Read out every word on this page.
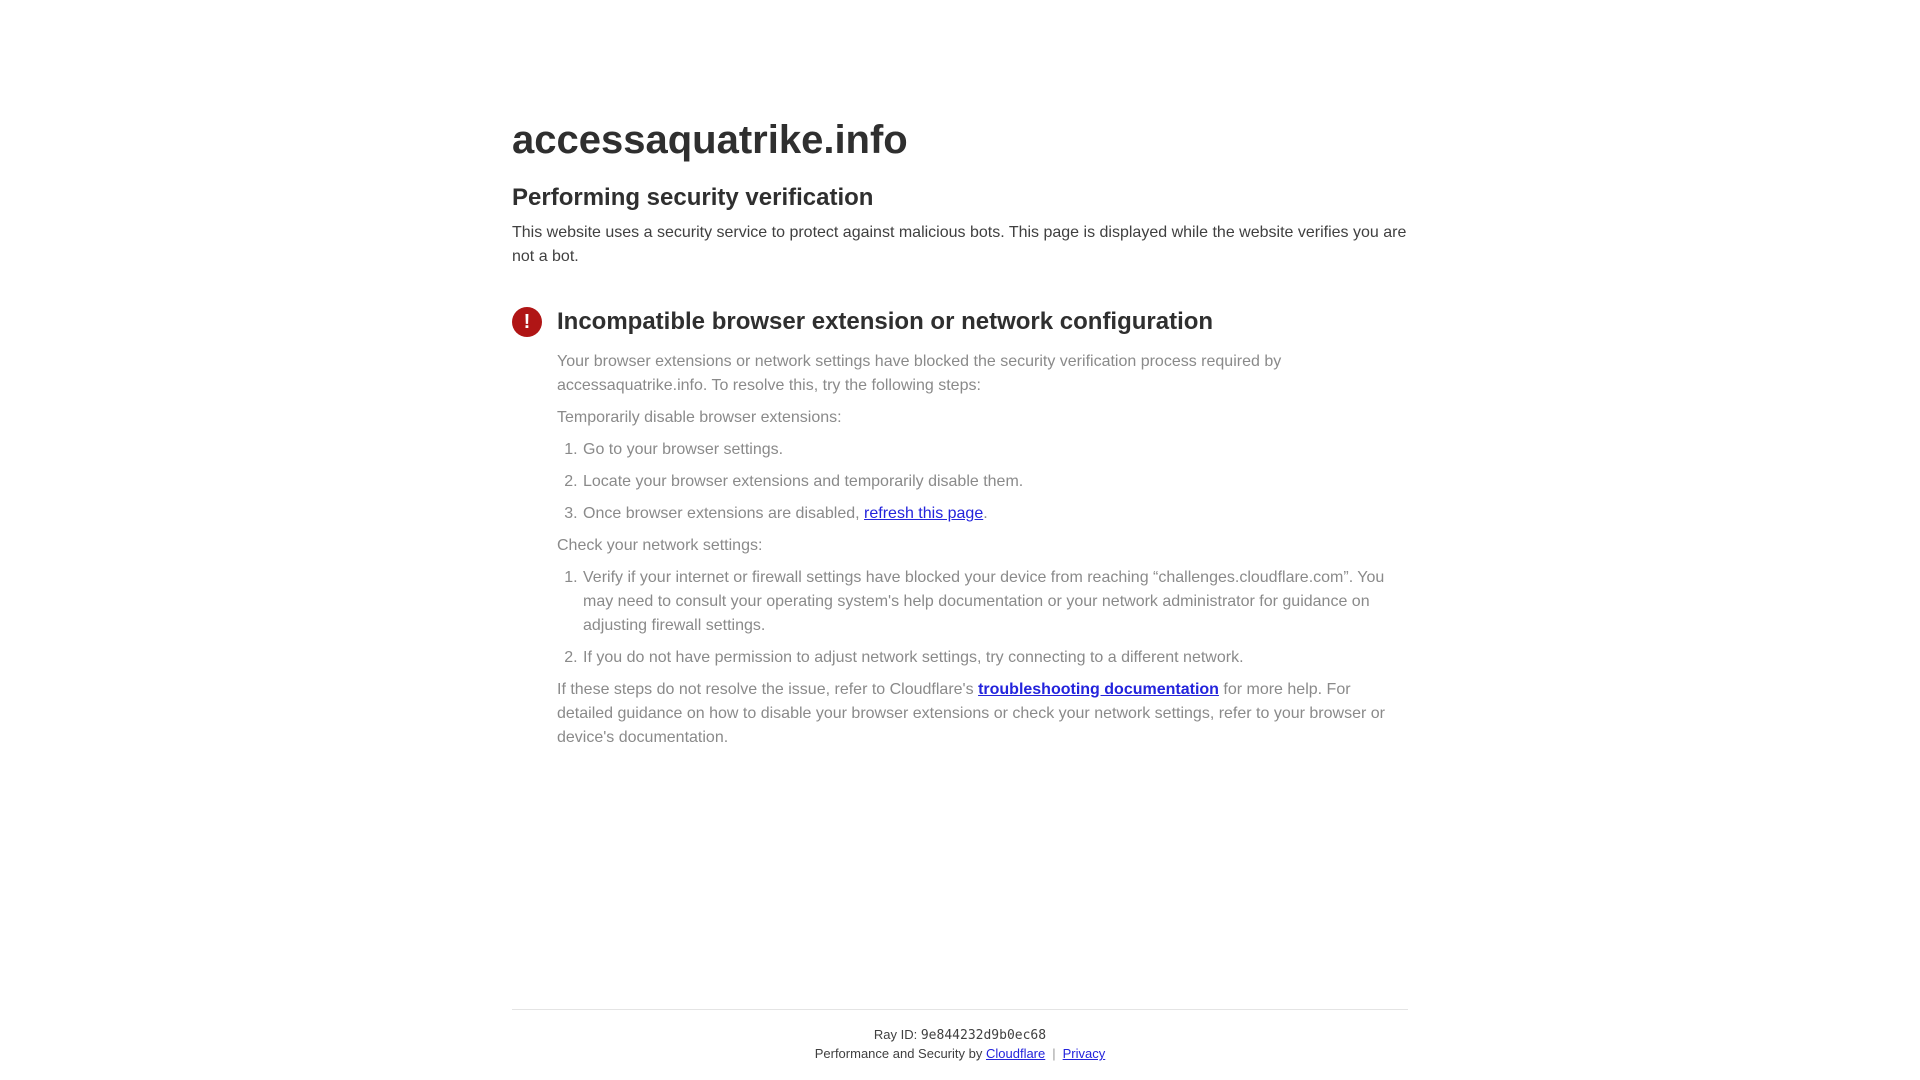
accessaquatrike.info
Performing security verification

This website uses a security service to protect against malicious bots. This page is displayed while the website verifies you are not a bot.

! Incompatible browser extension or network configuration

Your browser extensions or network settings have blocked the security verification process required by accessaquatrike.info. To resolve this, try the following steps:

Temporarily disable browser extensions:

1. Go to your browser settings.
2. Locate your browser extensions and temporarily disable them.
3. Once browser extensions are disabled, refresh this page.

Check your network settings:

1. Verify if your internet or firewall settings have blocked your device from reaching “challenges.cloudflare.com”. You may need to consult your operating system's help documentation or your network administrator for guidance on adjusting firewall settings.
2. If you do not have permission to adjust network settings, try connecting to a different network.

If these steps do not resolve the issue, refer to Cloudflare's troubleshooting documentation for more help. For detailed guidance on how to disable your browser extensions or check your network settings, refer to your browser or device's documentation.

Ray ID: 9e844232d9b0ec68
Performance and Security by Cloudflare | Privacy
